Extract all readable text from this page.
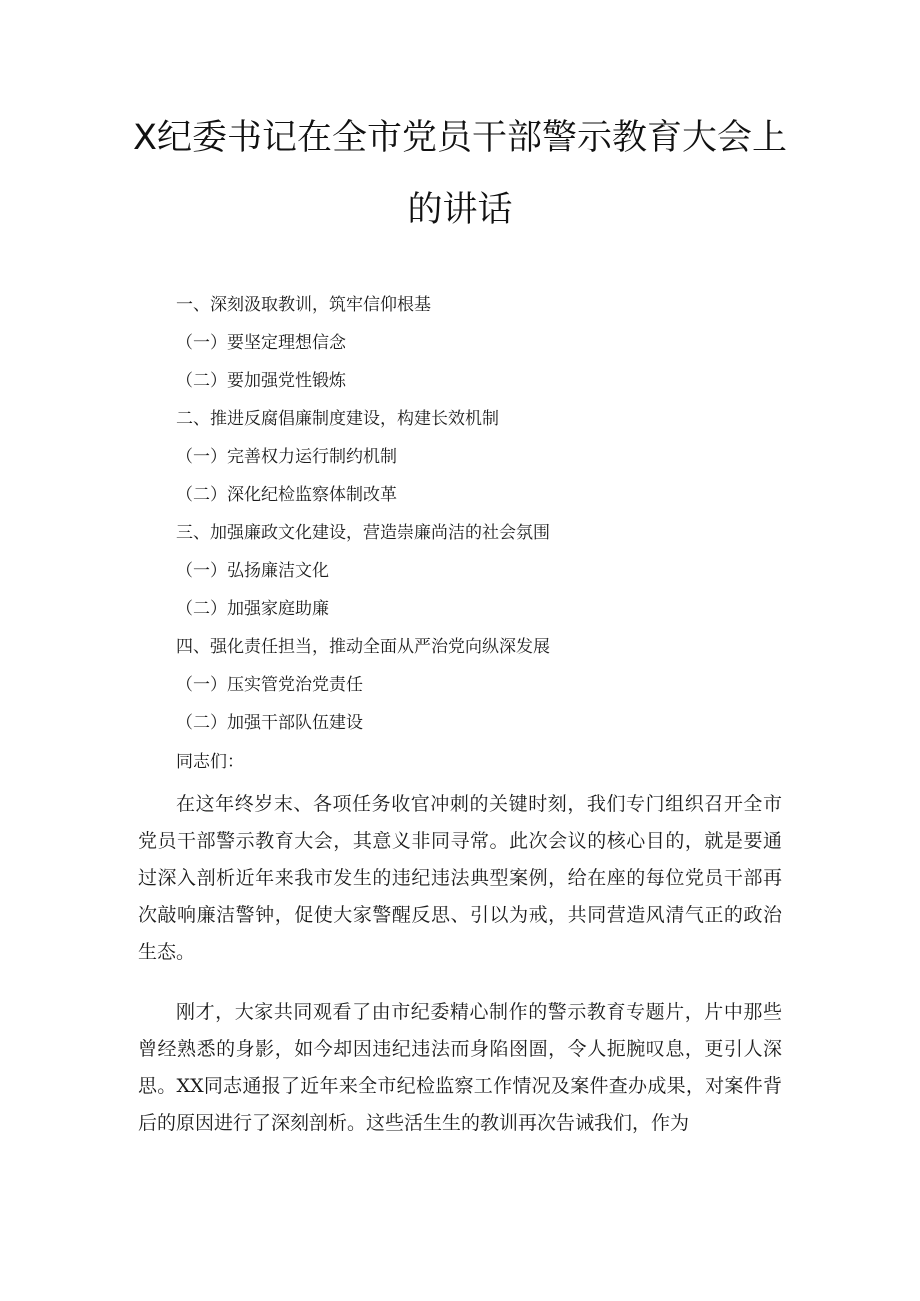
X纪委书记在全市党员干部警示教育大会上
的讲话
一、深刻汲取教训，筑牢信仰根基
（一）要坚定理想信念
（二）要加强党性锻炼
二、推进反腐倡廉制度建设，构建长效机制
（一）完善权力运行制约机制
（二）深化纪检监察体制改革
三、加强廉政文化建设，营造崇廉尚洁的社会氛围
（一）弘扬廉洁文化
（二）加强家庭助廉
四、强化责任担当，推动全面从严治党向纵深发展
（一）压实管党治党责任
（二）加强干部队伍建设

同志们：

在这年终岁末、各项任务收官冲刺的关键时刻，我们专门组织召开全市党员干部警示教育大会，其意义非同寻常。此次会议的核心目的，就是要通过深入剖析近年来我市发生的违纪违法典型案例，给在座的每位党员干部再次敲响廉洁警钟，促使大家警醒反思、引以为戒，共同营造风清气正的政治生态。

刚才，大家共同观看了由市纪委精心制作的警示教育专题片，片中那些曾经熟悉的身影，如今却因违纪违法而身陷囹圄，令人扼腕叹息，更引人深思。XX同志通报了近年来全市纪检监察工作情况及案件查办成果，对案件背后的原因进行了深刻剖析。这些活生生的教训再次告诫我们，作为
